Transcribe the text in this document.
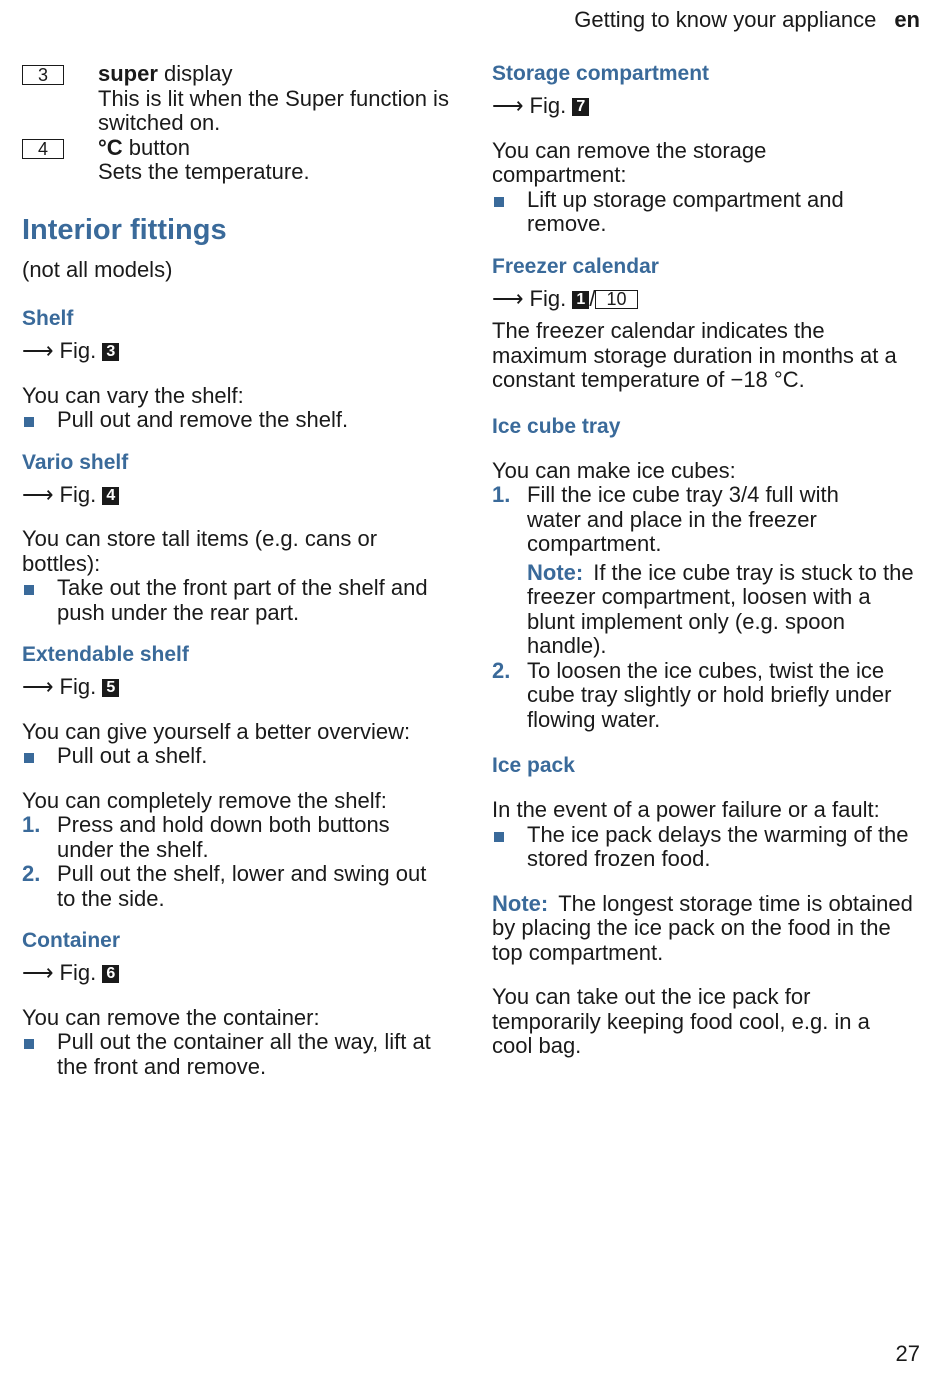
Getting to know your appliance en
3	super display
This is lit when the Super function is switched on.
4	°C button
Sets the temperature.
Interior fittings
(not all models)
Shelf
⟶ Fig. 3
You can vary the shelf:
Pull out and remove the shelf.
Vario shelf
⟶ Fig. 4
You can store tall items (e.g. cans or bottles):
Take out the front part of the shelf and push under the rear part.
Extendable shelf
⟶ Fig. 5
You can give yourself a better overview:
Pull out a shelf.
You can completely remove the shelf:
1. Press and hold down both buttons under the shelf.
2. Pull out the shelf, lower and swing out to the side.
Container
⟶ Fig. 6
You can remove the container:
Pull out the container all the way, lift at the front and remove.
Storage compartment
⟶ Fig. 7
You can remove the storage compartment:
Lift up storage compartment and remove.
Freezer calendar
⟶ Fig. 1 / 10
The freezer calendar indicates the maximum storage duration in months at a constant temperature of −18 °C.
Ice cube tray
You can make ice cubes:
1. Fill the ice cube tray 3/4 full with water and place in the freezer compartment.
Note: If the ice cube tray is stuck to the freezer compartment, loosen with a blunt implement only (e.g. spoon handle).
2. To loosen the ice cubes, twist the ice cube tray slightly or hold briefly under flowing water.
Ice pack
In the event of a power failure or a fault:
The ice pack delays the warming of the stored frozen food.
Note: The longest storage time is obtained by placing the ice pack on the food in the top compartment.
You can take out the ice pack for temporarily keeping food cool, e.g. in a cool bag.
27
